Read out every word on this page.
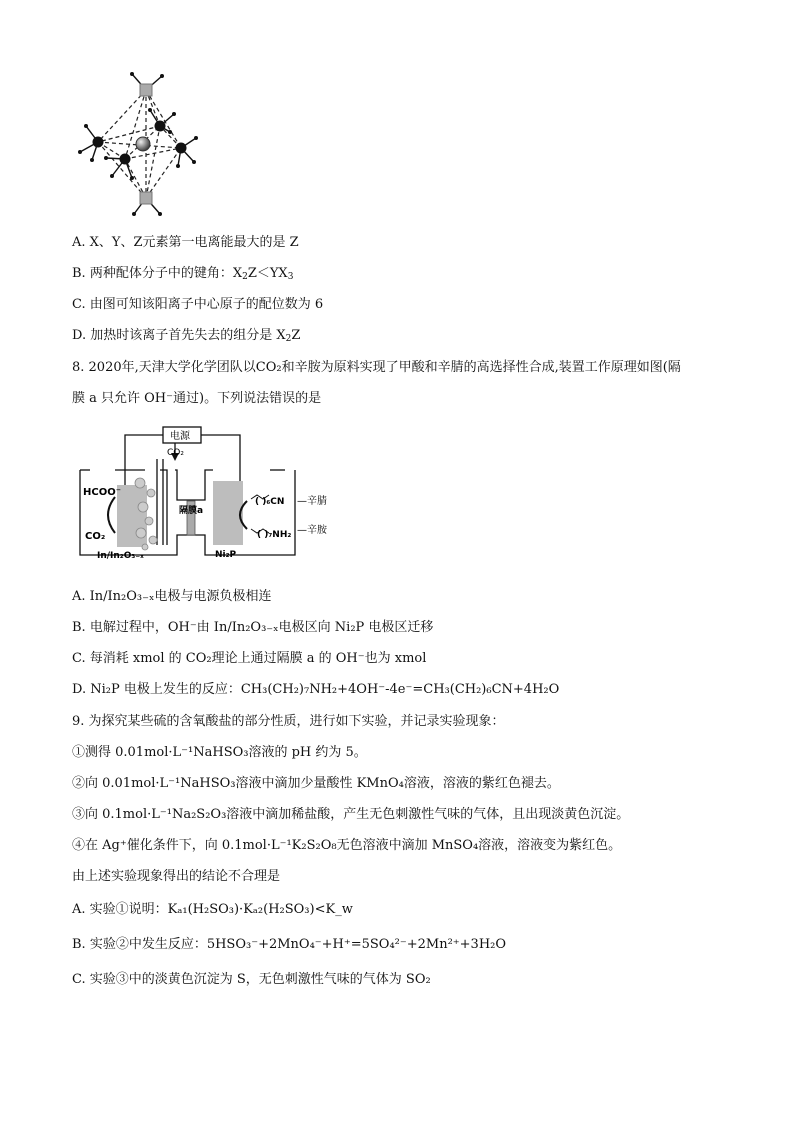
A. X、Y、Z元素第一电离能最大的是 Z
B. 两种配体分子中的键角：$X_2Z<YX_3$
C. 由图可知该阳离子中心原子的配位数为 6
D. 加热时该离子首先失去的组分是 $X_2Z$
8. 2020年,天津大学化学团队以CO₂和辛胺为原料实现了甲酸和辛腈的高选择性合成,装置工作原理如图(隔
膜 a 只允许 OH⁻通过)。下列说法错误的是
电源
CO₂
HCOO⁻
CO₂
In/In₂O₃₋ₓ
隔膜a
Ni₂P
( )₆CN —辛腈
( )₇NH₂ —辛胺
A. In/In₂O₃₋ₓ电极与电源负极相连
B. 电解过程中，OH⁻由 In/In₂O₃₋ₓ电极区向 Ni₂P 电极区迁移
C. 每消耗 xmol 的 CO₂理论上通过隔膜 a 的 OH⁻也为 xmol
D. Ni₂P 电极上发生的反应：CH₃(CH₂)₇NH₂+4OH⁻-4e⁻=CH₃(CH₂)₆CN+4H₂O
9. 为探究某些硫的含氧酸盐的部分性质，进行如下实验，并记录实验现象：
①测得 0.01mol·L⁻¹NaHSO₃溶液的 pH 约为 5。
②向 0.01mol·L⁻¹NaHSO₃溶液中滴加少量酸性 KMnO₄溶液，溶液的紫红色褪去。
③向 0.1mol·L⁻¹Na₂S₂O₃溶液中滴加稀盐酸，产生无色刺激性气味的气体，且出现淡黄色沉淀。
④在 Ag⁺催化条件下，向 0.1mol·L⁻¹K₂S₂O₈无色溶液中滴加 MnSO₄溶液，溶液变为紫红色。
由上述实验现象得出的结论不合理是
A. 实验①说明：Kₐ₁(H₂SO₃)·Kₐ₂(H₂SO₃)<K_w
B. 实验②中发生反应：5HSO₃⁻+2MnO₄⁻+H⁺=5SO₄²⁻+2Mn²⁺+3H₂O
C. 实验③中的淡黄色沉淀为 S，无色刺激性气味的气体为 SO₂
